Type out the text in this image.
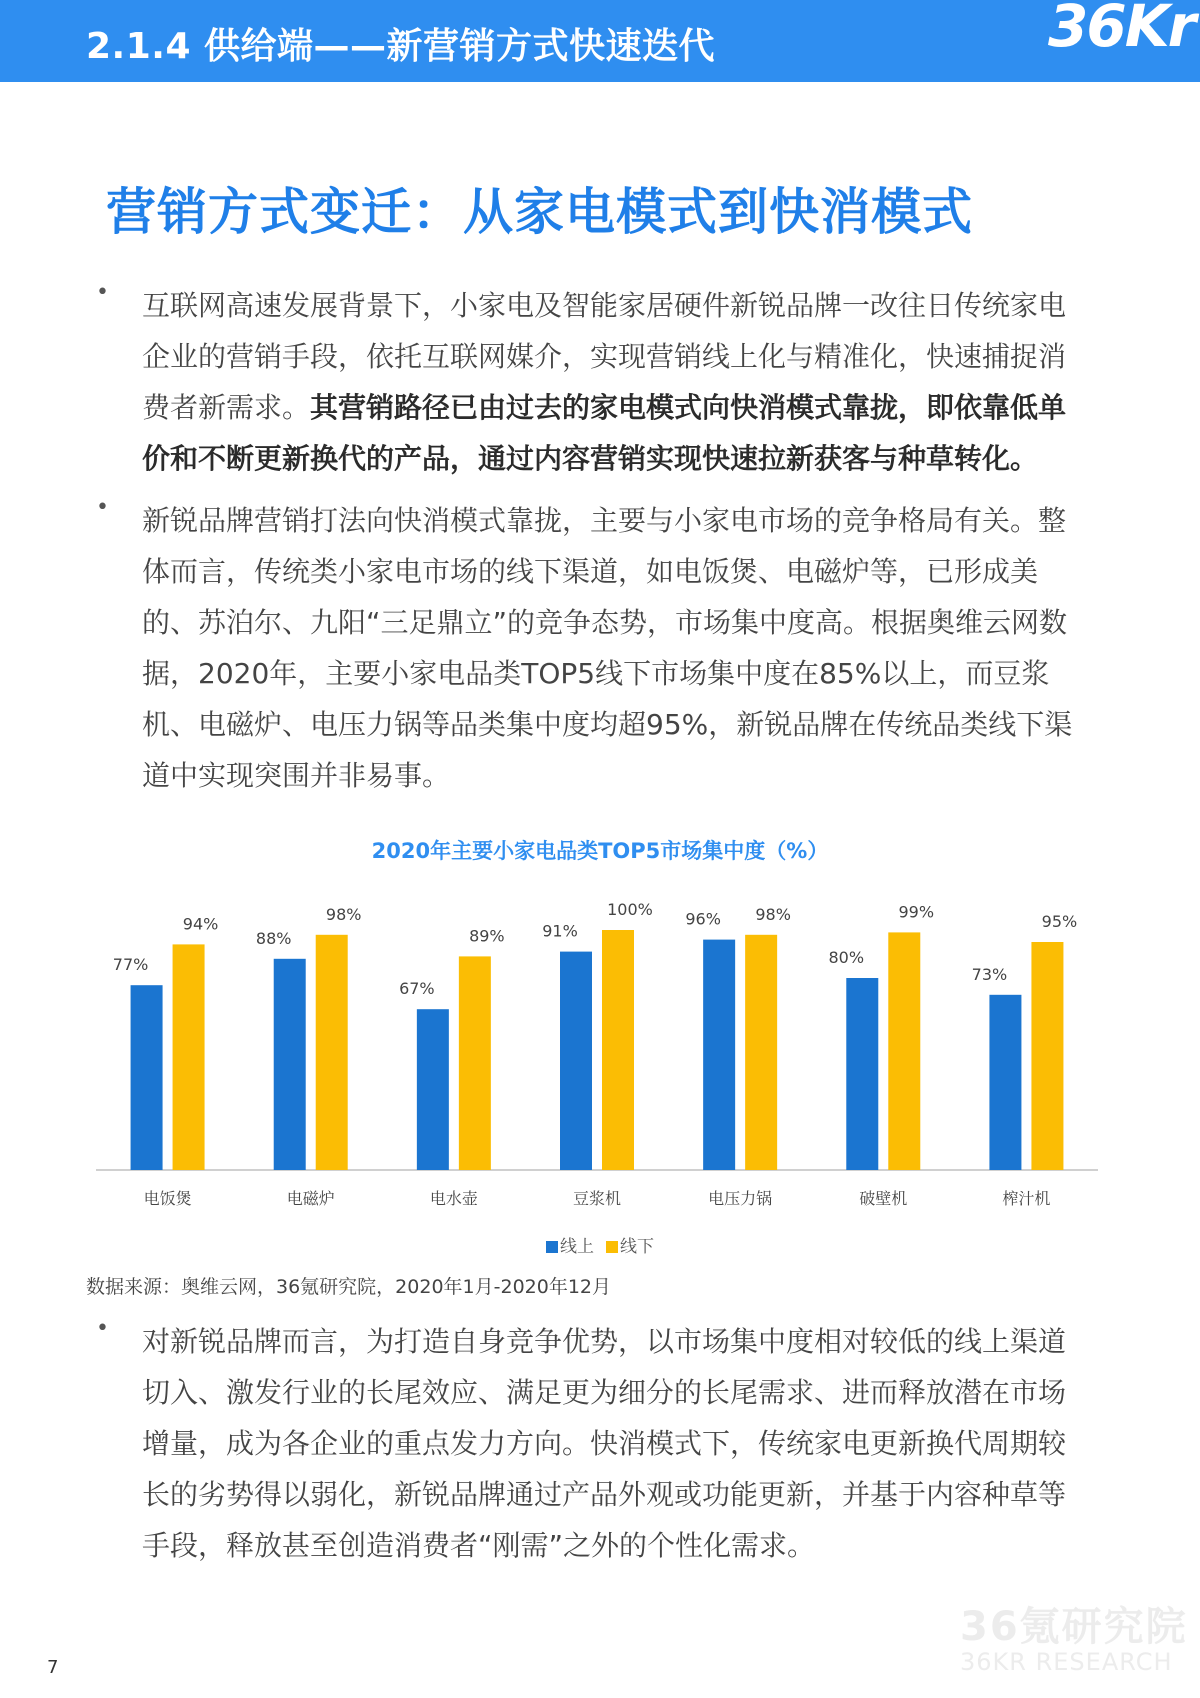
2.1.4 供给端——新营销方式快速迭代	36Kr
营销方式变迁：从家电模式到快消模式
• 互联网高速发展背景下，小家电及智能家居硬件新锐品牌一改往日传统家电企业的营销手段，依托互联网媒介，实现营销线上化与精准化，快速捕捉消费者新需求。其营销路径已由过去的家电模式向快消模式靠拢，即依靠低单价和不断更新换代的产品，通过内容营销实现快速拉新获客与种草转化。
• 新锐品牌营销打法向快消模式靠拢，主要与小家电市场的竞争格局有关。整体而言，传统类小家电市场的线下渠道，如电饭煲、电磁炉等，已形成美的、苏泊尔、九阳“三足鼎立”的竞争态势，市场集中度高。根据奥维云网数据，2020年，主要小家电品类TOP5线下市场集中度在85%以上，而豆浆机、电磁炉、电压力锅等品类集中度均超95%，新锐品牌在传统品类线下渠道中实现突围并非易事。
2020年主要小家电品类TOP5市场集中度（%）
77%
94%
电饭煲
88%
98%
电磁炉
67%
89%
电水壶
91%
100%
豆浆机
96% 98%
电压力锅
80%
99%
破壁机
73%
95%
榨汁机
线上 线下
数据来源：奥维云网，36氪研究院，2020年1月-2020年12月
• 对新锐品牌而言，为打造自身竞争优势，以市场集中度相对较低的线上渠道切入、激发行业的长尾效应、满足更为细分的长尾需求、进而释放潜在市场增量，成为各企业的重点发力方向。快消模式下，传统家电更新换代周期较长的劣势得以弱化，新锐品牌通过产品外观或功能更新，并基于内容种草等手段，释放甚至创造消费者“刚需”之外的个性化需求。
36氪研究院
36KR RESEARCH
7
